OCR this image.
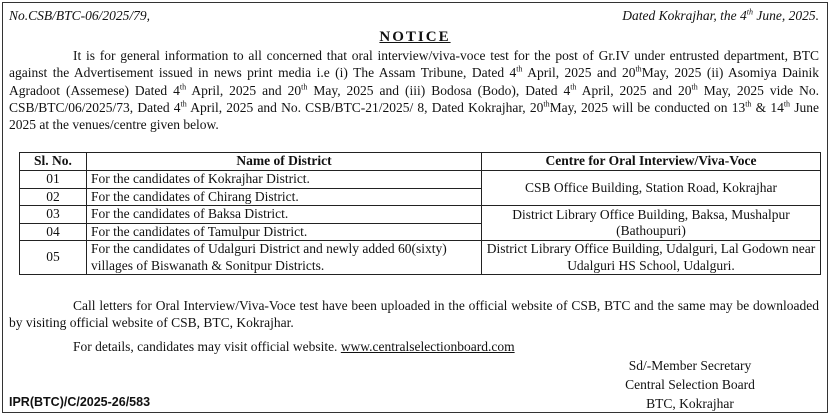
No.CSB/BTC-06/2025/79,	Dated Kokrajhar, the 4th June, 2025.
NOTICE
It is for general information to all concerned that oral interview/viva-voce test for the post of Gr.IV under entrusted department, BTC against the Advertisement issued in news print media i.e (i) The Assam Tribune, Dated 4th April, 2025 and 20thMay, 2025 (ii) Asomiya Dainik Agradoot (Assemese) Dated 4th April, 2025 and 20th May, 2025 and (iii) Bodosa (Bodo), Dated 4th April, 2025 and 20th May, 2025 vide No. CSB/BTC/06/2025/73, Dated 4th April, 2025 and No. CSB/BTC-21/2025/ 8, Dated Kokrajhar, 20thMay, 2025 will be conducted on 13th & 14th June 2025 at the venues/centre given below.
Sl. No.	Name of District	Centre for Oral Interview/Viva-Voce
01	For the candidates of Kokrajhar District.	CSB Office Building, Station Road, Kokrajhar
02	For the candidates of Chirang District.	
03	For the candidates of Baksa District.	District Library Office Building, Baksa, Mushalpur (Bathoupuri)
04	For the candidates of Tamulpur District.	
05	For the candidates of Udalguri District and newly added 60(sixty) villages of Biswanath & Sonitpur Districts.	District Library Office Building, Udalguri, Lal Godown near Udalguri HS School, Udalguri.
Call letters for Oral Interview/Viva-Voce test have been uploaded in the official website of CSB, BTC and the same may be downloaded by visiting official website of CSB, BTC, Kokrajhar.
For details, candidates may visit official website. www.centralselectionboard.com
Sd/-Member Secretary
Central Selection Board
BTC, Kokrajhar
IPR(BTC)/C/2025-26/583
